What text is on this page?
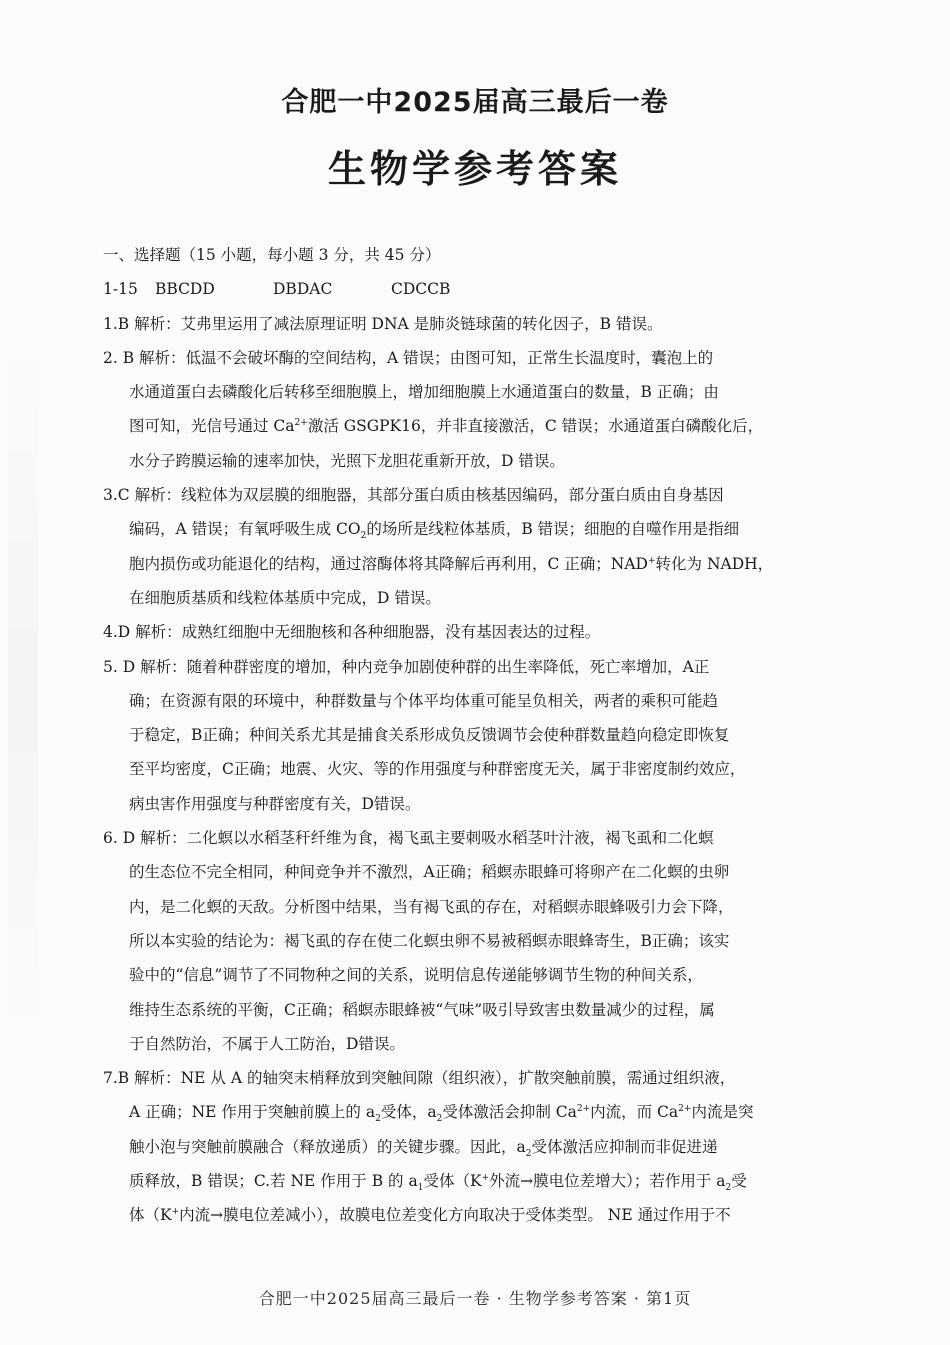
合肥一中2025届高三最后一卷
生物学参考答案

一、选择题（15 小题，每小题 3 分，共 45 分）

1-15 BBCDD	DBDAC	CDCCB

1.B 解析：艾弗里运用了减法原理证明 DNA 是肺炎链球菌的转化因子，B 错误。

2. B 解析：低温不会破坏酶的空间结构，A 错误；由图可知，正常生长温度时，囊泡上的

水通道蛋白去磷酸化后转移至细胞膜上，增加细胞膜上水通道蛋白的数量，B 正确；由

图可知，光信号通过 $Ca^{2+}$激活 GSGPK16，并非直接激活，C 错误；水通道蛋白磷酸化后，

水分子跨膜运输的速率加快，光照下龙胆花重新开放，D 错误。

3.C 解析：线粒体为双层膜的细胞器，其部分蛋白质由核基因编码，部分蛋白质由自身基因

编码，A 错误；有氧呼吸生成 $CO_2$的场所是线粒体基质，B 错误；细胞的自噬作用是指细

胞内损伤或功能退化的结构，通过溶酶体将其降解后再利用，C 正确；NAD+转化为 NADH，

在细胞质基质和线粒体基质中完成，D 错误。

4.D 解析：成熟红细胞中无细胞核和各种细胞器，没有基因表达的过程。

5. D 解析：随着种群密度的增加，种内竞争加剧使种群的出生率降低，死亡率增加，A正

确；在资源有限的环境中，种群数量与个体平均体重可能呈负相关，两者的乘积可能趋

于稳定，B正确；种间关系尤其是捕食关系形成负反馈调节会使种群数量趋向稳定即恢复

至平均密度，C正确；地震、火灾、等的作用强度与种群密度无关，属于非密度制约效应，

病虫害作用强度与种群密度有关，D错误。

6. D 解析：二化螟以水稻茎秆纤维为食，褐飞虱主要刺吸水稻茎叶汁液，褐飞虱和二化螟

的生态位不完全相同，种间竞争并不激烈，A正确；稻螟赤眼蜂可将卵产在二化螟的虫卵

内，是二化螟的天敌。分析图中结果，当有褐飞虱的存在，对稻螟赤眼蜂吸引力会下降，

所以本实验的结论为：褐飞虱的存在使二化螟虫卵不易被稻螟赤眼蜂寄生，B正确；该实

验中的“信息”调节了不同物种之间的关系，说明信息传递能够调节生物的种间关系，

维持生态系统的平衡，C正确；稻螟赤眼蜂被“气味”吸引导致害虫数量减少的过程，属

于自然防治，不属于人工防治，D错误。

7.B 解析：NE 从 A 的轴突末梢释放到突触间隙（组织液），扩散突触前膜，需通过组织液，

A 正确；NE 作用于突触前膜上的 $a_2$受体，$a_2$受体激活会抑制 $Ca^{2+}$内流，而 $Ca^{2+}$内流是突

触小泡与突触前膜融合（释放递质）的关键步骤。因此，$a_2$受体激活应抑制而非促进递

质释放，B 错误；C.若 NE 作用于 B 的 $a_1$受体（K+外流→膜电位差增大）；若作用于 $a_2$受

体（K+内流→膜电位差减小），故膜电位差变化方向取决于受体类型。 NE 通过作用于不

合肥一中2025届高三最后一卷 · 生物学参考答案 · 第1页
